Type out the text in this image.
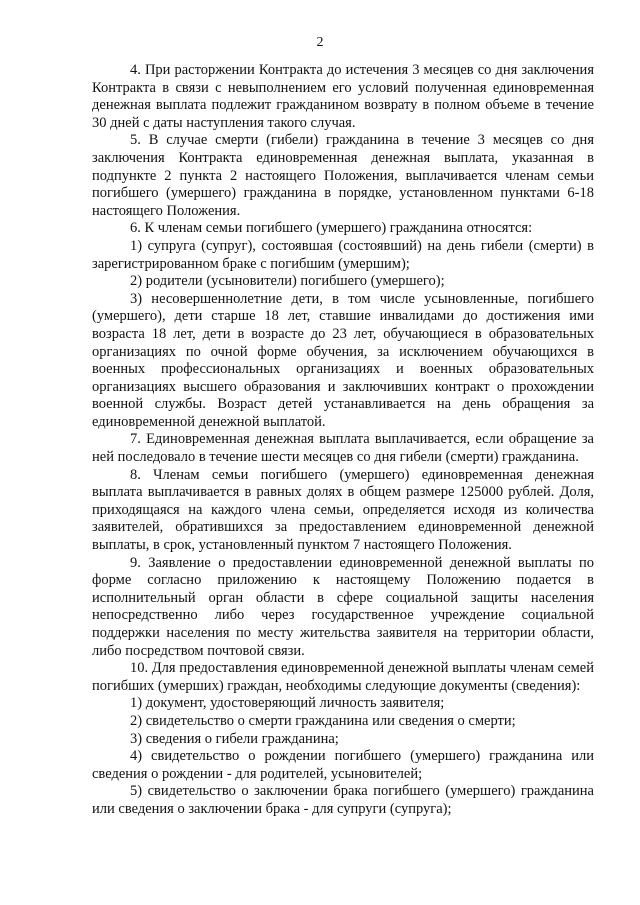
2

4. При расторжении Контракта до истечения 3 месяцев со дня заключения Контракта в связи с невыполнением его условий полученная единовременная денежная выплата подлежит гражданином возврату в полном объеме в течение 30 дней с даты наступления такого случая.

5. В случае смерти (гибели) гражданина в течение 3 месяцев со дня заключения Контракта единовременная денежная выплата, указанная в подпункте 2 пункта 2 настоящего Положения, выплачивается членам семьи погибшего (умершего) гражданина в порядке, установленном пунктами 6-18 настоящего Положения.

6. К членам семьи погибшего (умершего) гражданина относятся:

1) супруга (супруг), состоявшая (состоявший) на день гибели (смерти) в зарегистрированном браке с погибшим (умершим);

2) родители (усыновители) погибшего (умершего);

3) несовершеннолетние дети, в том числе усыновленные, погибшего (умершего), дети старше 18 лет, ставшие инвалидами до достижения ими возраста 18 лет, дети в возрасте до 23 лет, обучающиеся в образовательных организациях по очной форме обучения, за исключением обучающихся в военных профессиональных организациях и военных образовательных организациях высшего образования и заключивших контракт о прохождении военной службы. Возраст детей устанавливается на день обращения за единовременной денежной выплатой.

7. Единовременная денежная выплата выплачивается, если обращение за ней последовало в течение шести месяцев со дня гибели (смерти) гражданина.

8. Членам семьи погибшего (умершего) единовременная денежная выплата выплачивается в равных долях в общем размере 125000 рублей. Доля, приходящаяся на каждого члена семьи, определяется исходя из количества заявителей, обратившихся за предоставлением единовременной денежной выплаты, в срок, установленный пунктом 7 настоящего Положения.

9. Заявление о предоставлении единовременной денежной выплаты по форме согласно приложению к настоящему Положению подается в исполнительный орган области в сфере социальной защиты населения непосредственно либо через государственное учреждение социальной поддержки населения по месту жительства заявителя на территории области, либо посредством почтовой связи.

10. Для предоставления единовременной денежной выплаты членам семей погибших (умерших) граждан, необходимы следующие документы (сведения):

1) документ, удостоверяющий личность заявителя;

2) свидетельство о смерти гражданина или сведения о смерти;

3) сведения о гибели гражданина;

4) свидетельство о рождении погибшего (умершего) гражданина или сведения о рождении - для родителей, усыновителей;

5) свидетельство о заключении брака погибшего (умершего) гражданина или сведения о заключении брака - для супруги (супруга);
